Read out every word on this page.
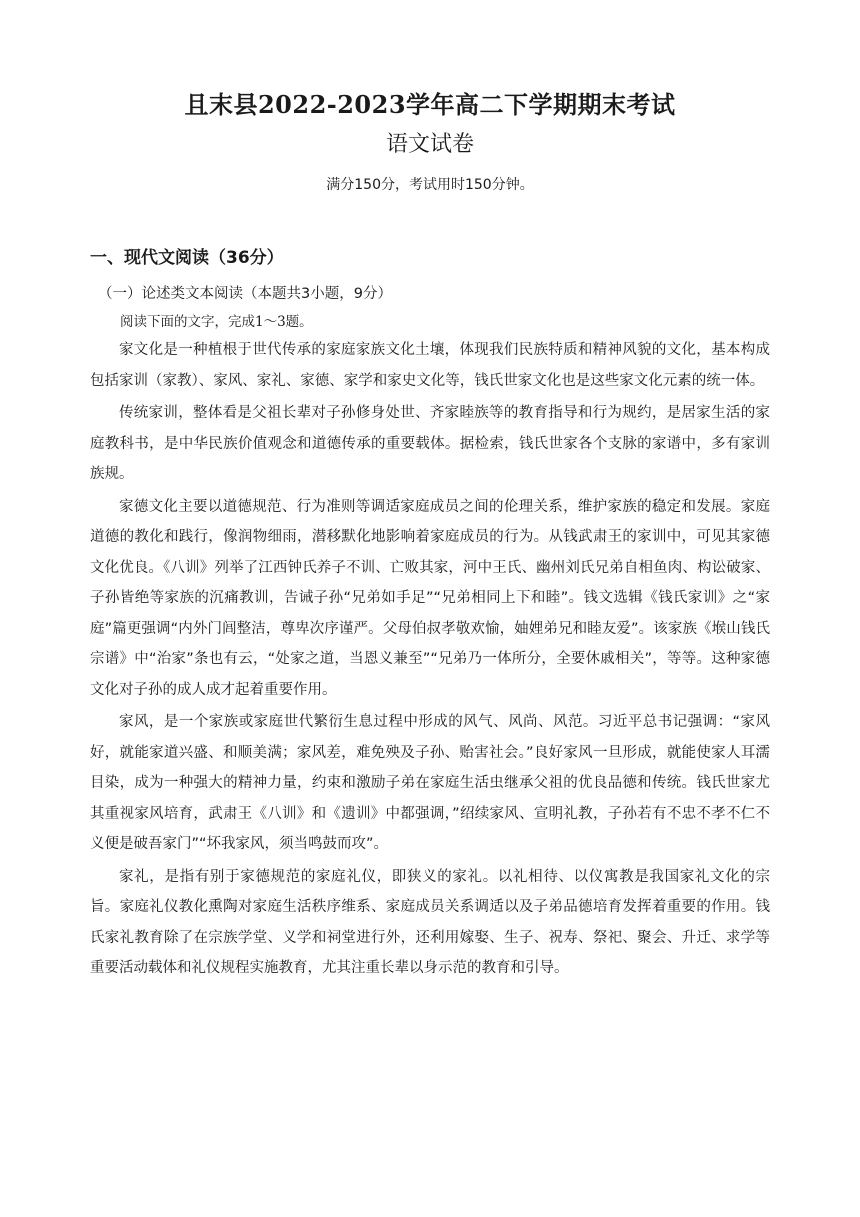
且末县2022-2023学年高二下学期期末考试
语文试卷
满分150分，考试用时150分钟。
一、现代文阅读（36分）
（一）论述类文本阅读（本题共3小题，9分）
阅读下面的文字，完成1～3题。

家文化是一种植根于世代传承的家庭家族文化土壤，体现我们民族特质和精神风貌的文化，基本构成包括家训（家教）、家风、家礼、家德、家学和家史文化等，钱氏世家文化也是这些家文化元素的统一体。

传统家训，整体看是父祖长辈对子孙修身处世、齐家睦族等的教育指导和行为规约，是居家生活的家庭教科书，是中华民族价值观念和道德传承的重要载体。据检索，钱氏世家各个支脉的家谱中，多有家训族规。

家德文化主要以道德规范、行为准则等调适家庭成员之间的伦理关系，维护家族的稳定和发展。家庭道德的教化和践行，像润物细雨，潜移默化地影响着家庭成员的行为。从钱武肃王的家训中，可见其家德文化优良。《八训》列举了江西钟氏养子不训、亡败其家，河中王氏、幽州刘氏兄弟自相鱼肉、构讼破家、子孙皆绝等家族的沉痛教训，告诫子孙“兄弟如手足”“兄弟相同上下和睦”。钱文选辑《钱氏家训》之“家庭”篇更强调“内外门闾整洁，尊卑次序谨严。父母伯叔孝敬欢愉，妯娌弟兄和睦友爱”。该家族《堠山钱氏宗谱》中“治家”条也有云，“处家之道，当恩义兼至”“兄弟乃一体所分，全要休戚相关”，等等。这种家德文化对子孙的成人成才起着重要作用。

家风，是一个家族或家庭世代繁衍生息过程中形成的风气、风尚、风范。习近平总书记强调：“家风好，就能家道兴盛、和顺美满；家风差，难免殃及子孙、贻害社会。”良好家风一旦形成，就能使家人耳濡目染，成为一种强大的精神力量，约束和激励子弟在家庭生活虫继承父祖的优良品德和传统。钱氏世家尤其重视家风培育，武肃王《八训》和《遗训》中都强调，”绍续家风、宣明礼教，子孙若有不忠不孝不仁不义便是破吾家门”“坏我家风，须当鸣鼓而攻”。

家礼，是指有别于家德规范的家庭礼仪，即狭义的家礼。以礼相待、以仪寓教是我国家礼文化的宗旨。家庭礼仪教化熏陶对家庭生活秩序维系、家庭成员关系调适以及子弟品德培育发挥着重要的作用。钱氏家礼教育除了在宗族学堂、义学和祠堂进行外，还利用嫁娶、生子、祝寿、祭祀、聚会、升迁、求学等重要活动载体和礼仪规程实施教育，尤其注重长辈以身示范的教育和引导。
